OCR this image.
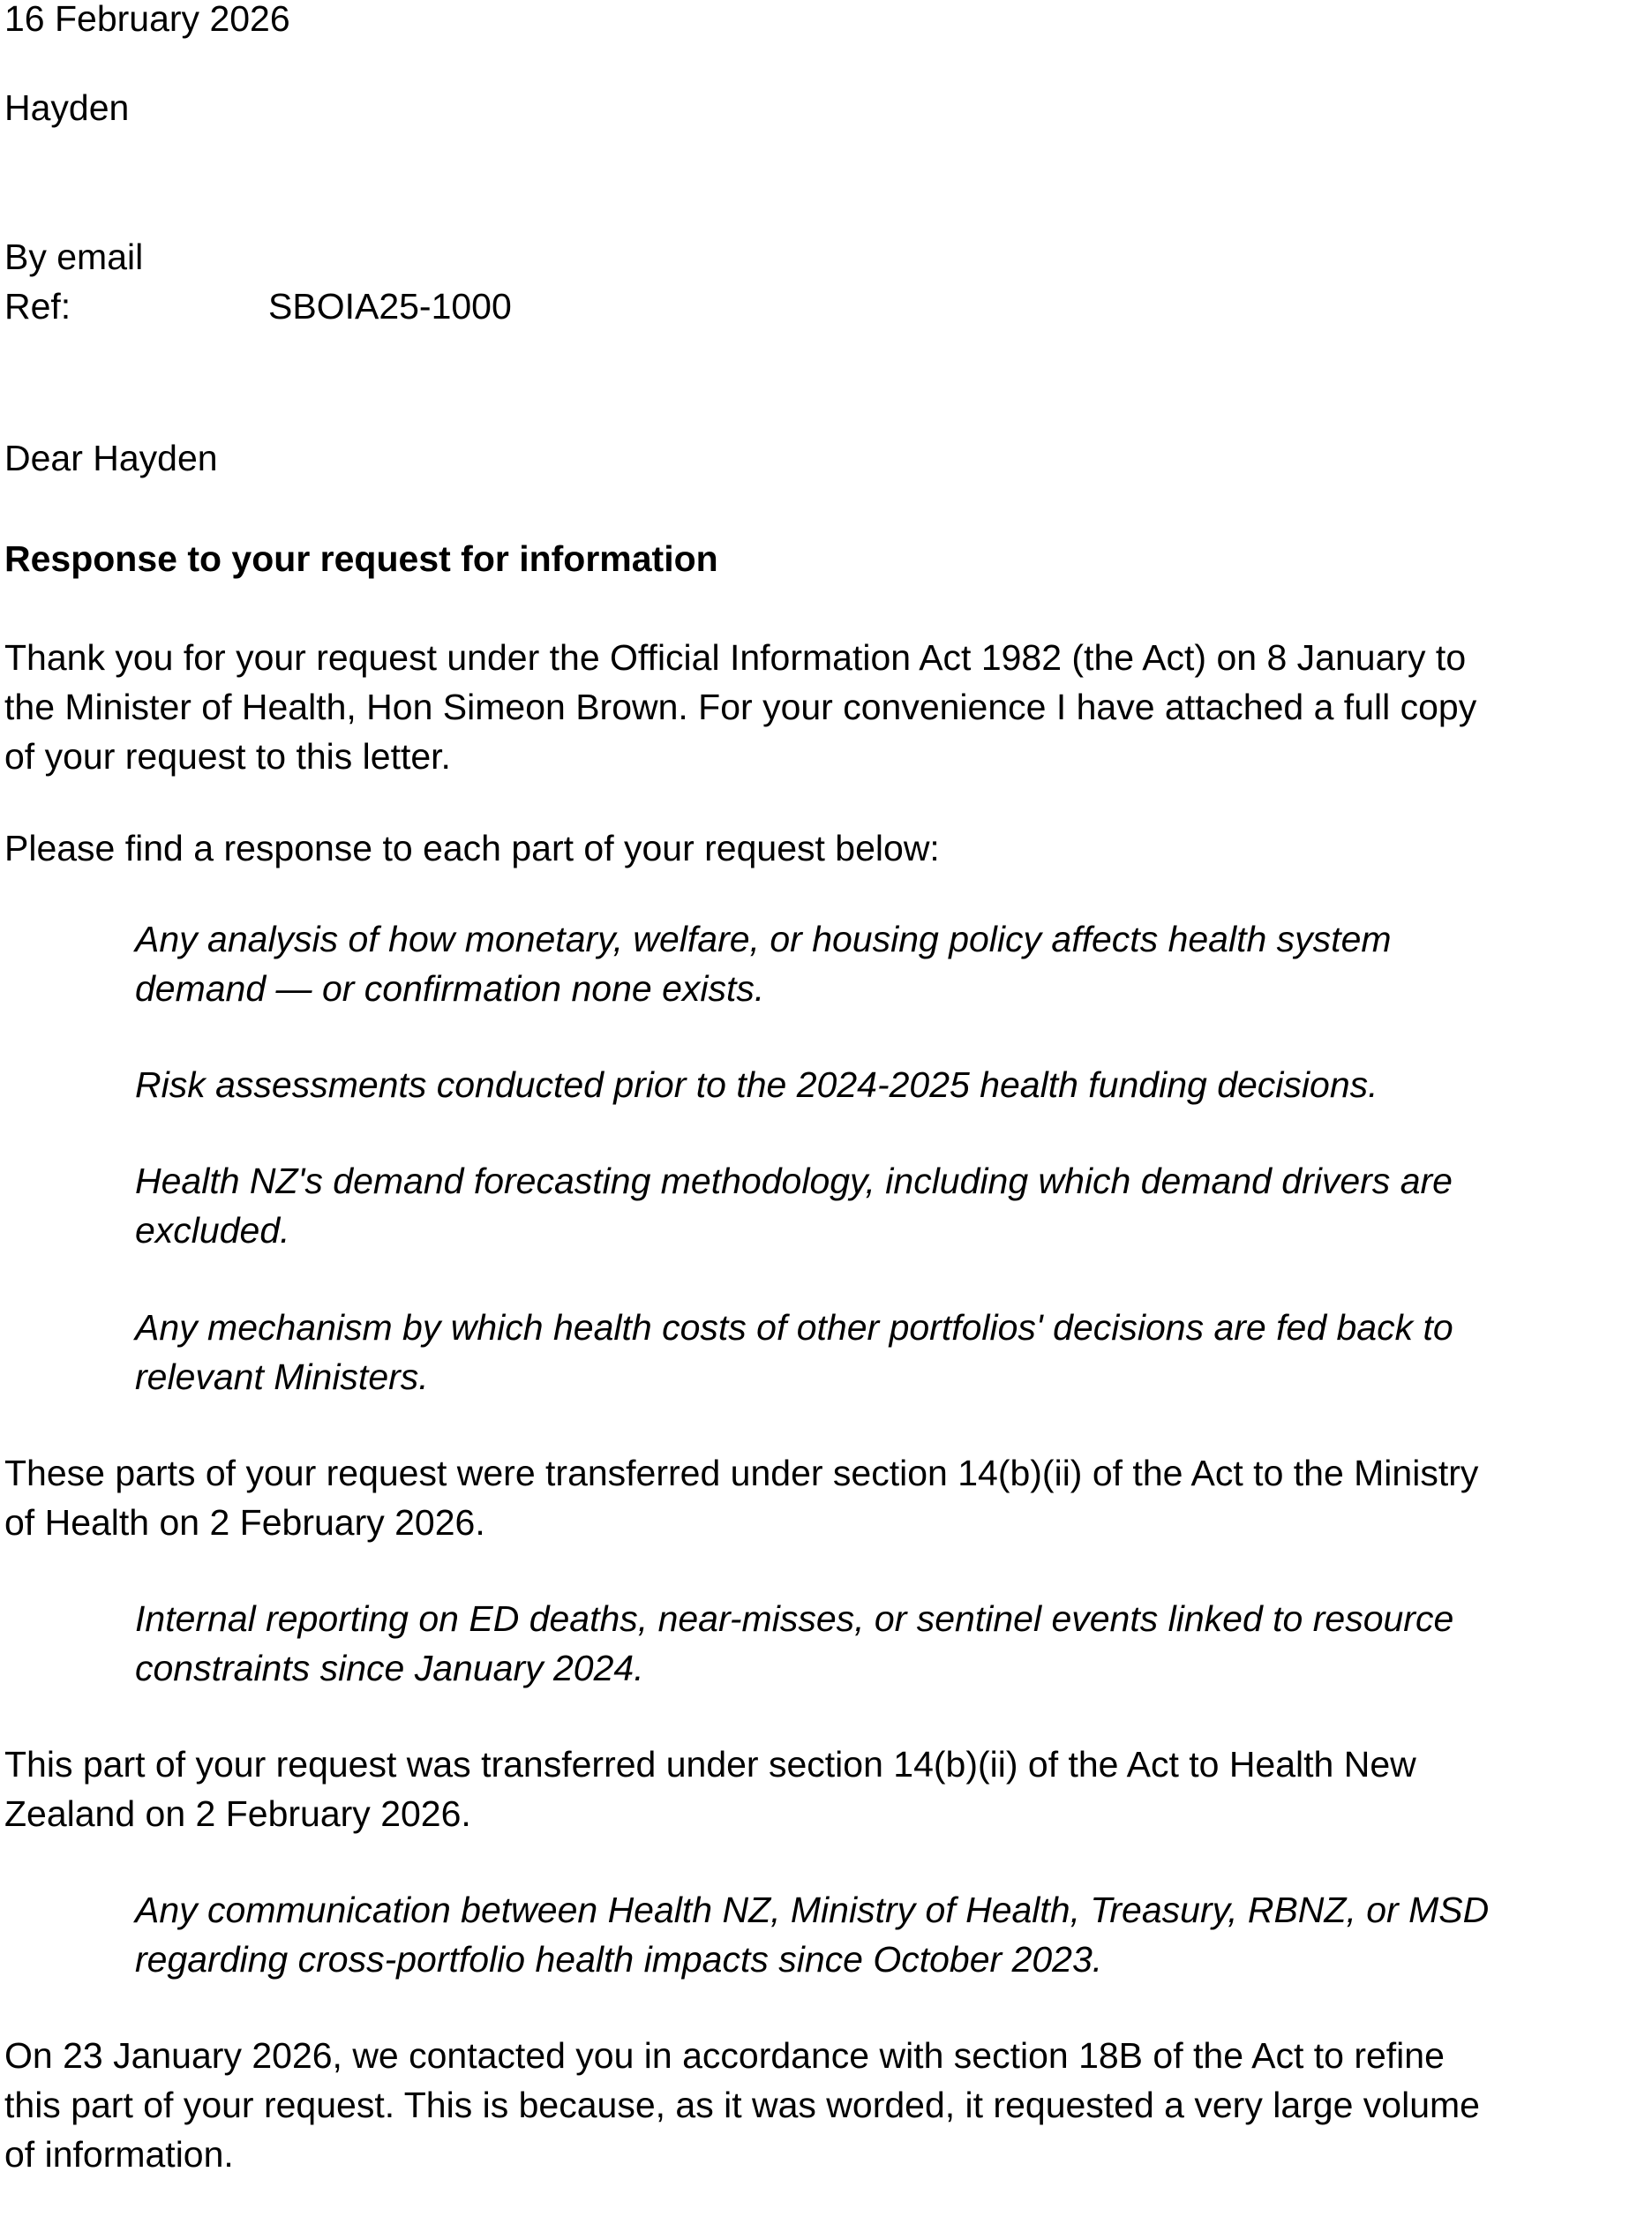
16 February 2026

Hayden

By email

Ref:	SBOIA25-1000

Dear Hayden

Response to your request for information

Thank you for your request under the Official Information Act 1982 (the Act) on 8 January to

the Minister of Health, Hon Simeon Brown. For your convenience I have attached a full copy

of your request to this letter.

Please find a response to each part of your request below:

Any analysis of how monetary, welfare, or housing policy affects health system

demand — or confirmation none exists.

Risk assessments conducted prior to the 2024-2025 health funding decisions.

Health NZ's demand forecasting methodology, including which demand drivers are

excluded.

Any mechanism by which health costs of other portfolios' decisions are fed back to

relevant Ministers.

These parts of your request were transferred under section 14(b)(ii) of the Act to the Ministry

of Health on 2 February 2026.

Internal reporting on ED deaths, near-misses, or sentinel events linked to resource

constraints since January 2024.

This part of your request was transferred under section 14(b)(ii) of the Act to Health New

Zealand on 2 February 2026.

Any communication between Health NZ, Ministry of Health, Treasury, RBNZ, or MSD

regarding cross-portfolio health impacts since October 2023.

On 23 January 2026, we contacted you in accordance with section 18B of the Act to refine

this part of your request. This is because, as it was worded, it requested a very large volume

of information.
